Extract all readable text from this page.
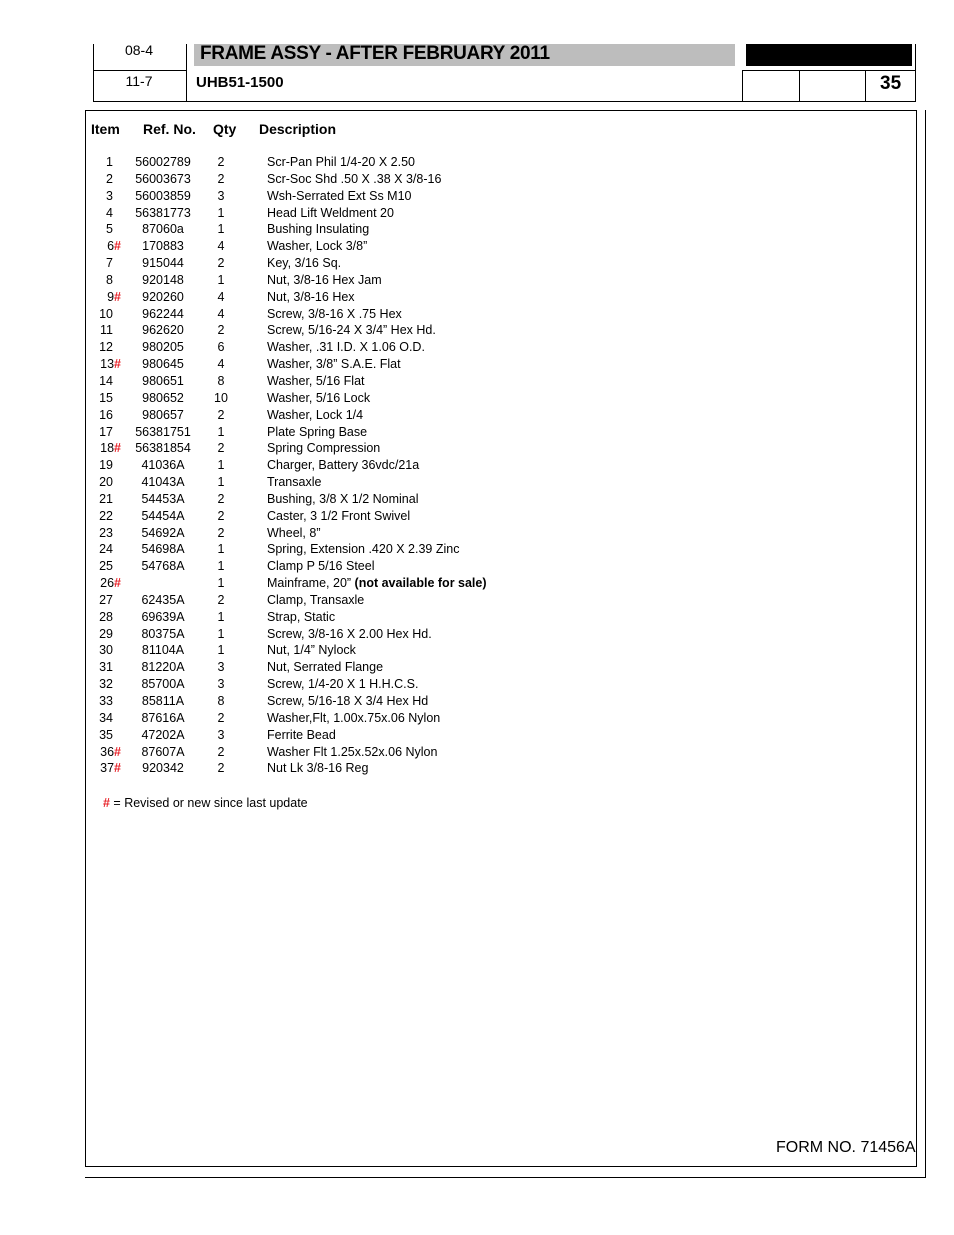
08-4
11-7
FRAME ASSY - AFTER FEBRUARY 2011
UHB51-1500	35
Item Ref. No. Qty Description
1	56002789	2	Scr-Pan Phil 1/4-20 X 2.50
2	56003673	2	Scr-Soc Shd .50 X .38 X 3/8-16
3	56003859	3	Wsh-Serrated Ext Ss M10
4	56381773	1	Head Lift Weldment 20
5	87060a	1	Bushing Insulating
6#	170883	4	Washer, Lock 3/8”
7	915044	2	Key, 3/16 Sq.
8	920148	1	Nut, 3/8-16 Hex Jam
9#	920260	4	Nut, 3/8-16 Hex
10	962244	4	Screw, 3/8-16 X .75 Hex
11	962620	2	Screw, 5/16-24 X 3/4” Hex Hd.
12	980205	6	Washer, .31 I.D. X 1.06 O.D.
13#	980645	4	Washer, 3/8” S.A.E. Flat
14	980651	8	Washer, 5/16 Flat
15	980652	10	Washer, 5/16 Lock
16	980657	2	Washer, Lock 1/4
17	56381751	1	Plate Spring Base
18#	56381854	2	Spring Compression
19	41036A	1	Charger, Battery 36vdc/21a
20	41043A	1	Transaxle
21	54453A	2	Bushing, 3/8 X 1/2 Nominal
22	54454A	2	Caster, 3 1/2 Front Swivel
23	54692A	2	Wheel, 8”
24	54698A	1	Spring, Extension .420 X 2.39 Zinc
25	54768A	1	Clamp P 5/16 Steel
26#		1	Mainframe, 20” (not available for sale)
27	62435A	2	Clamp, Transaxle
28	69639A	1	Strap, Static
29	80375A	1	Screw, 3/8-16 X 2.00 Hex Hd.
30	81104A	1	Nut, 1/4” Nylock
31	81220A	3	Nut, Serrated Flange
32	85700A	3	Screw, 1/4-20 X 1 H.H.C.S.
33	85811A	8	Screw, 5/16-18 X 3/4 Hex Hd
34	87616A	2	Washer,Flt, 1.00x.75x.06 Nylon
35	47202A	3	Ferrite Bead
36#	87607A	2	Washer Flt 1.25x.52x.06 Nylon
37#	920342	2	Nut Lk 3/8-16 Reg
# = Revised or new since last update
FORM NO. 71456A
